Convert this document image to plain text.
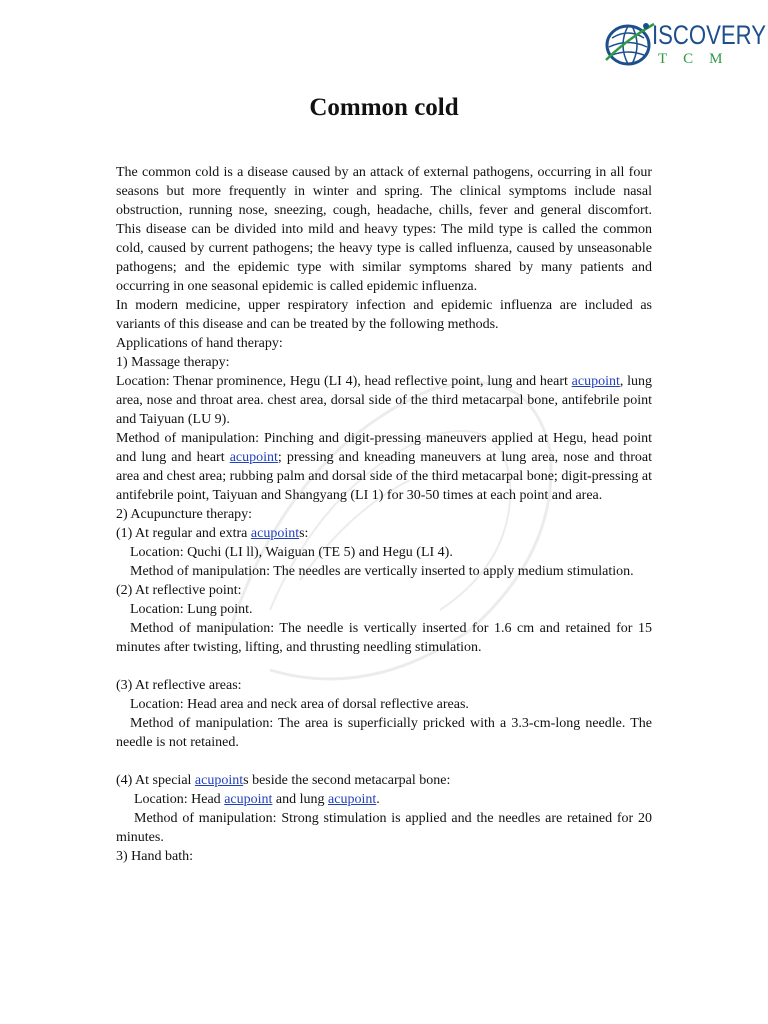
ISCOVERY
TCM
Common cold

The common cold is a disease caused by an attack of external pathogens, occurring in all four seasons but more frequently in winter and spring. The clinical symptoms include nasal obstruction, running nose, sneezing, cough, headache, chills, fever and general discomfort. This disease can be divided into mild and heavy types: The mild type is called the common cold, caused by current pathogens; the heavy type is called influenza, caused by unseasonable pathogens; and the epidemic type with similar symptoms shared by many patients and occurring in one seasonal epidemic is called epidemic influenza.

In modern medicine, upper respiratory infection and epidemic influenza are included as variants of this disease and can be treated by the following methods.

Applications of hand therapy:

1) Massage therapy:

Location: Thenar prominence, Hegu (LI 4), head reflective point, lung and heart acupoint, lung area, nose and throat area. chest area, dorsal side of the third metacarpal bone, antifebrile point and Taiyuan (LU 9).

Method of manipulation: Pinching and digit-pressing maneuvers applied at Hegu, head point and lung and heart acupoint; pressing and kneading maneuvers at lung area, nose and throat area and chest area; rubbing palm and dorsal side of the third metacarpal bone; digit-pressing at antifebrile point, Taiyuan and Shangyang (LI 1) for 30-50 times at each point and area.

2) Acupuncture therapy:

(1) At regular and extra acupoints:

Location: Quchi (LI ll), Waiguan (TE 5) and Hegu (LI 4).

Method of manipulation: The needles are vertically inserted to apply medium stimulation.

(2) At reflective point:

Location: Lung point.

Method of manipulation: The needle is vertically inserted for 1.6 cm and retained for 15 minutes after twisting, lifting, and thrusting needling stimulation.

(3) At reflective areas:

Location: Head area and neck area of dorsal reflective areas.

Method of manipulation: The area is superficially pricked with a 3.3-cm-long needle. The needle is not retained.

(4) At special acupoints beside the second metacarpal bone:

Location: Head acupoint and lung acupoint.

Method of manipulation: Strong stimulation is applied and the needles are retained for 20 minutes.

3) Hand bath:
